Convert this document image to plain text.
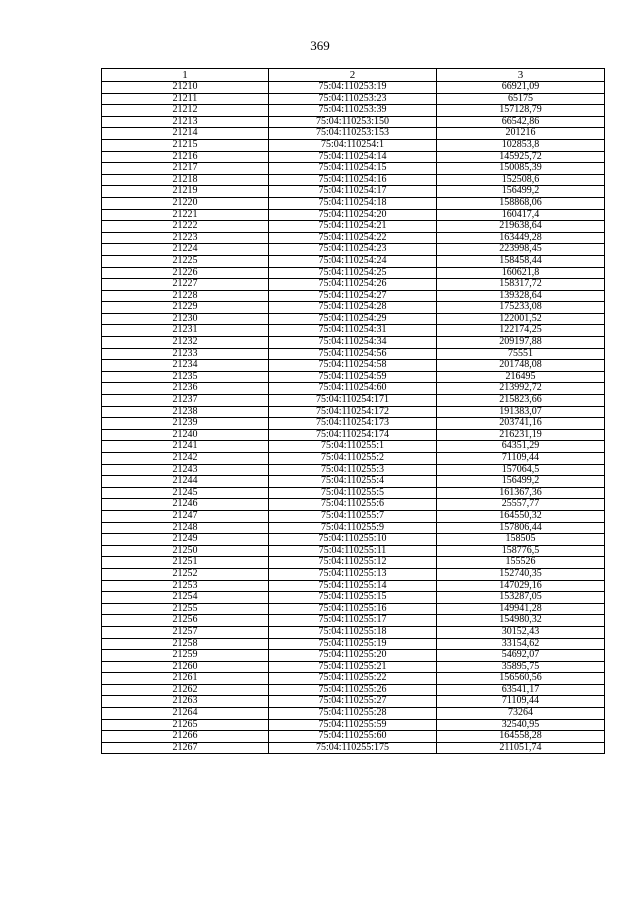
369
1	2	3
21210	75:04:110253:19	66921,09
21211	75:04:110253:23	65175
21212	75:04:110253:39	157128,79
21213	75:04:110253:150	66542,86
21214	75:04:110253:153	201216
21215	75:04:110254:1	102853,8
21216	75:04:110254:14	145925,72
21217	75:04:110254:15	150085,39
21218	75:04:110254:16	152508,6
21219	75:04:110254:17	156499,2
21220	75:04:110254:18	158868,06
21221	75:04:110254:20	160417,4
21222	75:04:110254:21	219638,64
21223	75:04:110254:22	163449,28
21224	75:04:110254:23	223998,45
21225	75:04:110254:24	158458,44
21226	75:04:110254:25	160621,8
21227	75:04:110254:26	158317,72
21228	75:04:110254:27	139328,64
21229	75:04:110254:28	175233,08
21230	75:04:110254:29	122001,52
21231	75:04:110254:31	122174,25
21232	75:04:110254:34	209197,88
21233	75:04:110254:56	75551
21234	75:04:110254:58	201748,08
21235	75:04:110254:59	216495
21236	75:04:110254:60	213992,72
21237	75:04:110254:171	215823,66
21238	75:04:110254:172	191383,07
21239	75:04:110254:173	203741,16
21240	75:04:110254:174	216231,19
21241	75:04:110255:1	64351,29
21242	75:04:110255:2	71109,44
21243	75:04:110255:3	157064,5
21244	75:04:110255:4	156499,2
21245	75:04:110255:5	161367,36
21246	75:04:110255:6	25557,77
21247	75:04:110255:7	164550,32
21248	75:04:110255:9	157806,44
21249	75:04:110255:10	158505
21250	75:04:110255:11	158776,5
21251	75:04:110255:12	155526
21252	75:04:110255:13	152740,35
21253	75:04:110255:14	147029,16
21254	75:04:110255:15	153287,05
21255	75:04:110255:16	149941,28
21256	75:04:110255:17	154980,32
21257	75:04:110255:18	30152,43
21258	75:04:110255:19	33154,62
21259	75:04:110255:20	54692,07
21260	75:04:110255:21	35895,75
21261	75:04:110255:22	156560,56
21262	75:04:110255:26	63541,17
21263	75:04:110255:27	71109,44
21264	75:04:110255:28	73264
21265	75:04:110255:59	32540,95
21266	75:04:110255:60	164558,28
21267	75:04:110255:175	211051,74
